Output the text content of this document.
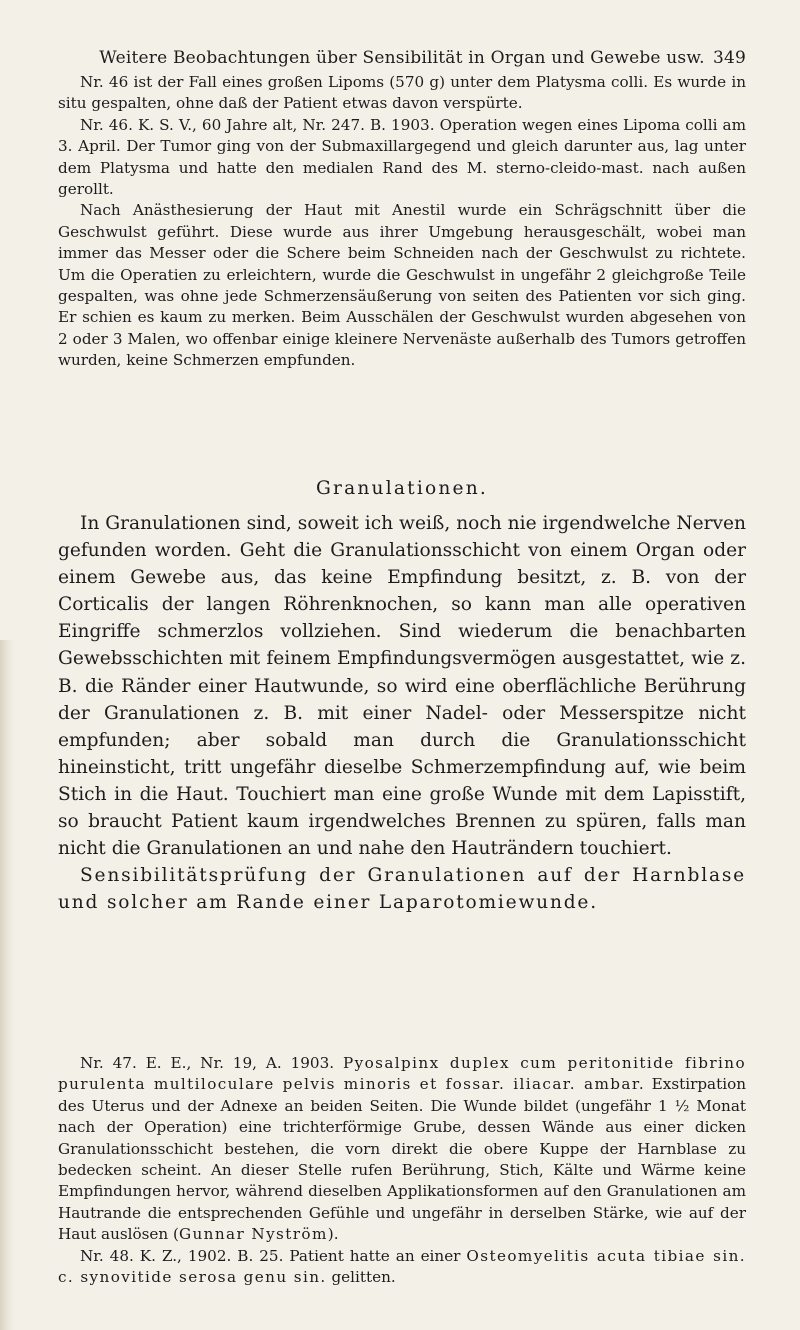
Weitere Beobachtungen über Sensibilität in Organ und Gewebe usw. 349

Nr. 46 ist der Fall eines großen Lipoms (570 g) unter dem Platysma colli. Es wurde in situ gespalten, ohne daß der Patient etwas davon verspürte.

Nr. 46. K. S. V., 60 Jahre alt, Nr. 247. B. 1903. Operation wegen eines Lipoma colli am 3. April. Der Tumor ging von der Submaxillargegend und gleich darunter aus, lag unter dem Platysma und hatte den medialen Rand des M. sterno-cleido-mast. nach außen gerollt.

Nach Anästhesierung der Haut mit Anestil wurde ein Schrägschnitt über die Geschwulst geführt. Diese wurde aus ihrer Umgebung herausgeschält, wobei man immer das Messer oder die Schere beim Schneiden nach der Geschwulst zu richtete. Um die Operatien zu erleichtern, wurde die Geschwulst in ungefähr 2 gleichgroße Teile gespalten, was ohne jede Schmerzensäußerung von seiten des Patienten vor sich ging. Er schien es kaum zu merken. Beim Ausschälen der Geschwulst wurden abgesehen von 2 oder 3 Malen, wo offenbar einige kleinere Nervenäste außerhalb des Tumors getroffen wurden, keine Schmerzen empfunden.

Granulationen.

In Granulationen sind, soweit ich weiß, noch nie irgendwelche Nerven gefunden worden. Geht die Granulationsschicht von einem Organ oder einem Gewebe aus, das keine Empfindung besitzt, z. B. von der Corticalis der langen Röhrenknochen, so kann man alle operativen Eingriffe schmerzlos vollziehen. Sind wiederum die benachbarten Gewebsschichten mit feinem Empfindungsvermögen ausgestattet, wie z. B. die Ränder einer Hautwunde, so wird eine oberflächliche Berührung der Granulationen z. B. mit einer Nadel- oder Messerspitze nicht empfunden; aber sobald man durch die Granulationsschicht hineinsticht, tritt ungefähr dieselbe Schmerzempfindung auf, wie beim Stich in die Haut. Touchiert man eine große Wunde mit dem Lapisstift, so braucht Patient kaum irgendwelches Brennen zu spüren, falls man nicht die Granulationen an und nahe den Hauträndern touchiert.

Sensibilitätsprüfung der Granulationen auf der Harnblase und solcher am Rande einer Laparotomiewunde.

Nr. 47. E. E., Nr. 19, A. 1903. Pyosalpinx duplex cum peritonitide fibrino purulenta multiloculare pelvis minoris et fossar. iliacar. ambar. Exstirpation des Uterus und der Adnexe an beiden Seiten. Die Wunde bildet (ungefähr 1 ½ Monat nach der Operation) eine trichterförmige Grube, dessen Wände aus einer dicken Granulationsschicht bestehen, die vorn direkt die obere Kuppe der Harnblase zu bedecken scheint. An dieser Stelle rufen Berührung, Stich, Kälte und Wärme keine Empfindungen hervor, während dieselben Applikationsformen auf den Granulationen am Hautrande die entsprechenden Gefühle und ungefähr in derselben Stärke, wie auf der Haut auslösen (Gunnar Nyström).

Nr. 48. K. Z., 1902. B. 25. Patient hatte an einer Osteomyelitis acuta tibiae sin. c. synovitide serosa genu sin. gelitten.
